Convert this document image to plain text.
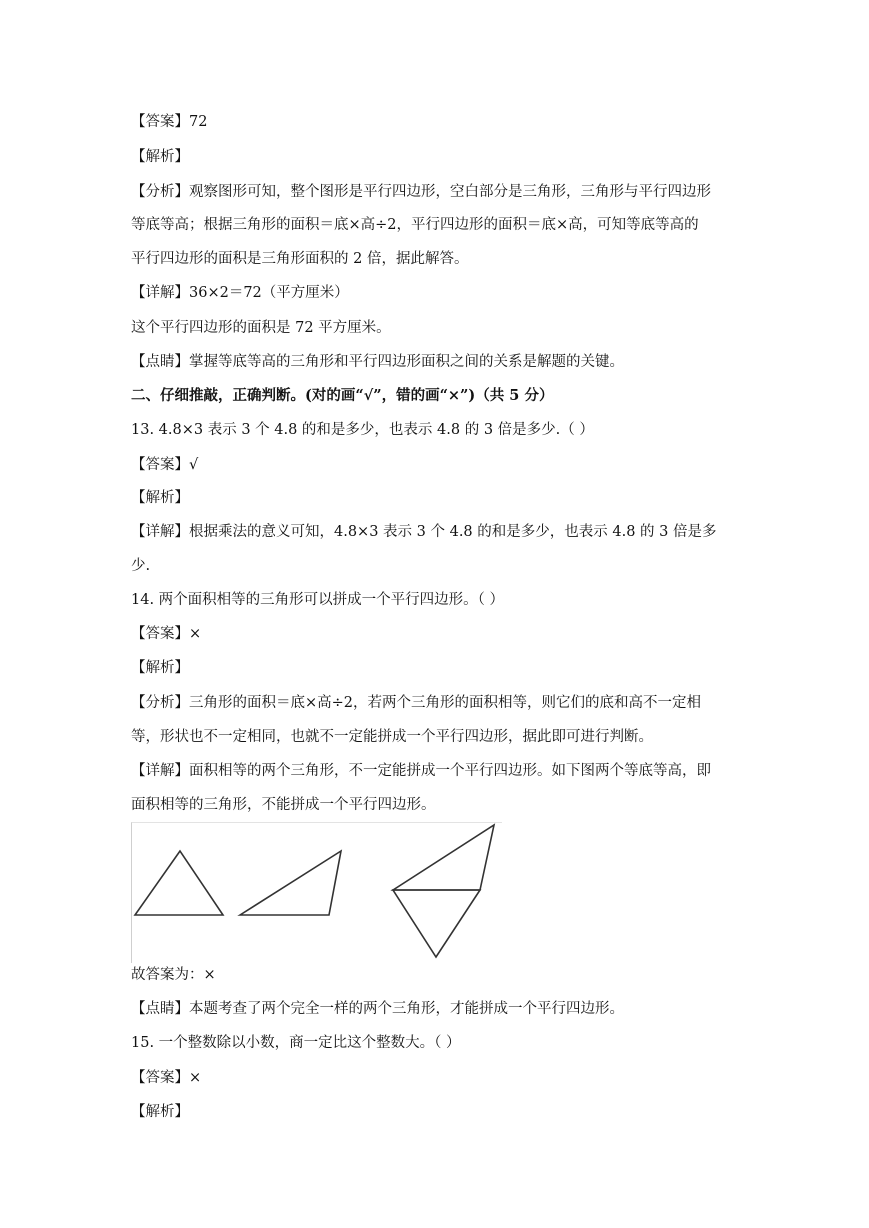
【答案】72
【解析】
【分析】观察图形可知，整个图形是平行四边形，空白部分是三角形，三角形与平行四边形
等底等高；根据三角形的面积＝底×高÷2，平行四边形的面积＝底×高，可知等底等高的
平行四边形的面积是三角形面积的 2 倍，据此解答。
【详解】36×2＝72（平方厘米）
这个平行四边形的面积是 72 平方厘米。
【点睛】掌握等底等高的三角形和平行四边形面积之间的关系是解题的关键。
二、仔细推敲，正确判断。(对的画“√”，错的画“×”)（共 5 分）
13. 4.8×3 表示 3 个 4.8 的和是多少，也表示 4.8 的 3 倍是多少.（ ）
【答案】√
【解析】
【详解】根据乘法的意义可知，4.8×3 表示 3 个 4.8 的和是多少，也表示 4.8 的 3 倍是多
少.
14. 两个面积相等的三角形可以拼成一个平行四边形。（ ）
【答案】×
【解析】
【分析】三角形的面积＝底×高÷2，若两个三角形的面积相等，则它们的底和高不一定相
等，形状也不一定相同，也就不一定能拼成一个平行四边形，据此即可进行判断。
【详解】面积相等的两个三角形，不一定能拼成一个平行四边形。如下图两个等底等高，即
面积相等的三角形，不能拼成一个平行四边形。
故答案为：×
【点睛】本题考查了两个完全一样的两个三角形，才能拼成一个平行四边形。
15. 一个整数除以小数，商一定比这个整数大。（ ）
【答案】×
【解析】
